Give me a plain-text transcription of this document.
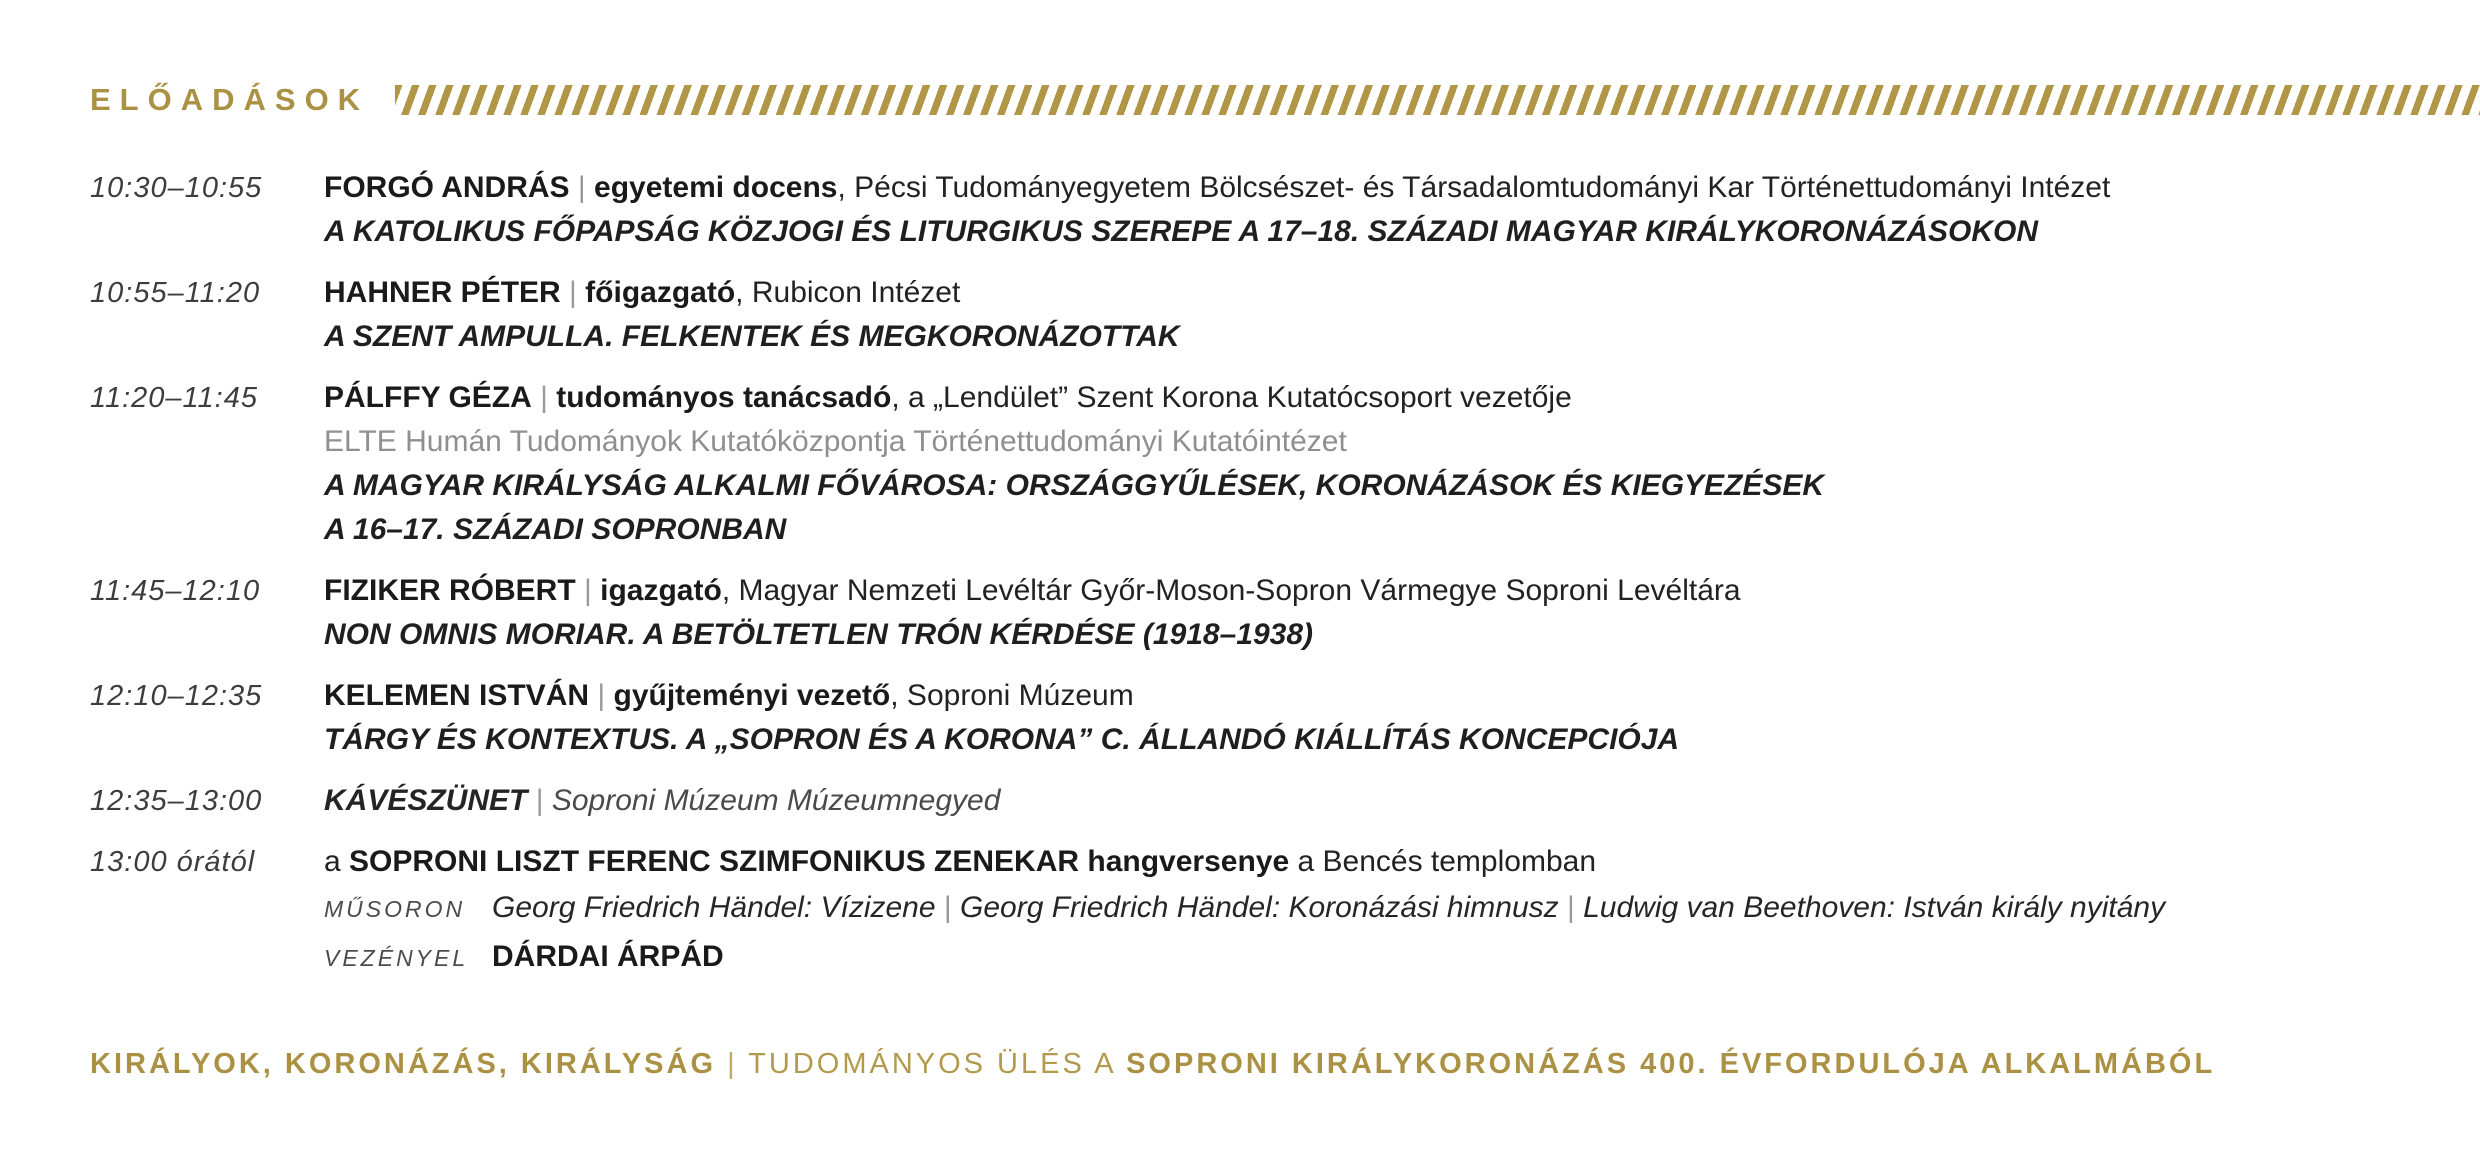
ELŐADÁSOK
10:30–10:55	FORGÓ ANDRÁS | egyetemi docens, Pécsi Tudományegyetem Bölcsészet- és Társadalomtudományi Kar Történettudományi Intézet
A KATOLIKUS FŐPAPSÁG KÖZJOGI ÉS LITURGIKUS SZEREPE A 17–18. SZÁZADI MAGYAR KIRÁLYKORONÁZÁSOKON
10:55–11:20	HAHNER PÉTER | főigazgató, Rubicon Intézet
A SZENT AMPULLA. FELKENTEK ÉS MEGKORONÁZOTTAK
11:20–11:45	PÁLFFY GÉZA | tudományos tanácsadó, a „Lendület” Szent Korona Kutatócsoport vezetője
ELTE Humán Tudományok Kutatóközpontja Történettudományi Kutatóintézet
A MAGYAR KIRÁLYSÁG ALKALMI FŐVÁROSA: ORSZÁGGYŰLÉSEK, KORONÁZÁSOK ÉS KIEGYEZÉSEK
A 16–17. SZÁZADI SOPRONBAN
11:45–12:10	FIZIKER RÓBERT | igazgató, Magyar Nemzeti Levéltár Győr-Moson-Sopron Vármegye Soproni Levéltára
NON OMNIS MORIAR. A BETÖLTETLEN TRÓN KÉRDÉSE (1918–1938)
12:10–12:35	KELEMEN ISTVÁN | gyűjteményi vezető, Soproni Múzeum
TÁRGY ÉS KONTEXTUS. A „SOPRON ÉS A KORONA” C. ÁLLANDÓ KIÁLLÍTÁS KONCEPCIÓJA
12:35–13:00	KÁVÉSZÜNET | Soproni Múzeum Múzeumnegyed
13:00 órától	a SOPRONI LISZT FERENC SZIMFONIKUS ZENEKAR hangversenye a Bencés templomban
MŰSORON Georg Friedrich Händel: Vízizene | Georg Friedrich Händel: Koronázási himnusz | Ludwig van Beethoven: István király nyitány
VEZÉNYEL DÁRDAI ÁRPÁD
KIRÁLYOK, KORONÁZÁS, KIRÁLYSÁG | TUDOMÁNYOS ÜLÉS A SOPRONI KIRÁLYKORONÁZÁS 400. ÉVFORDULÓJA ALKALMÁBÓL
